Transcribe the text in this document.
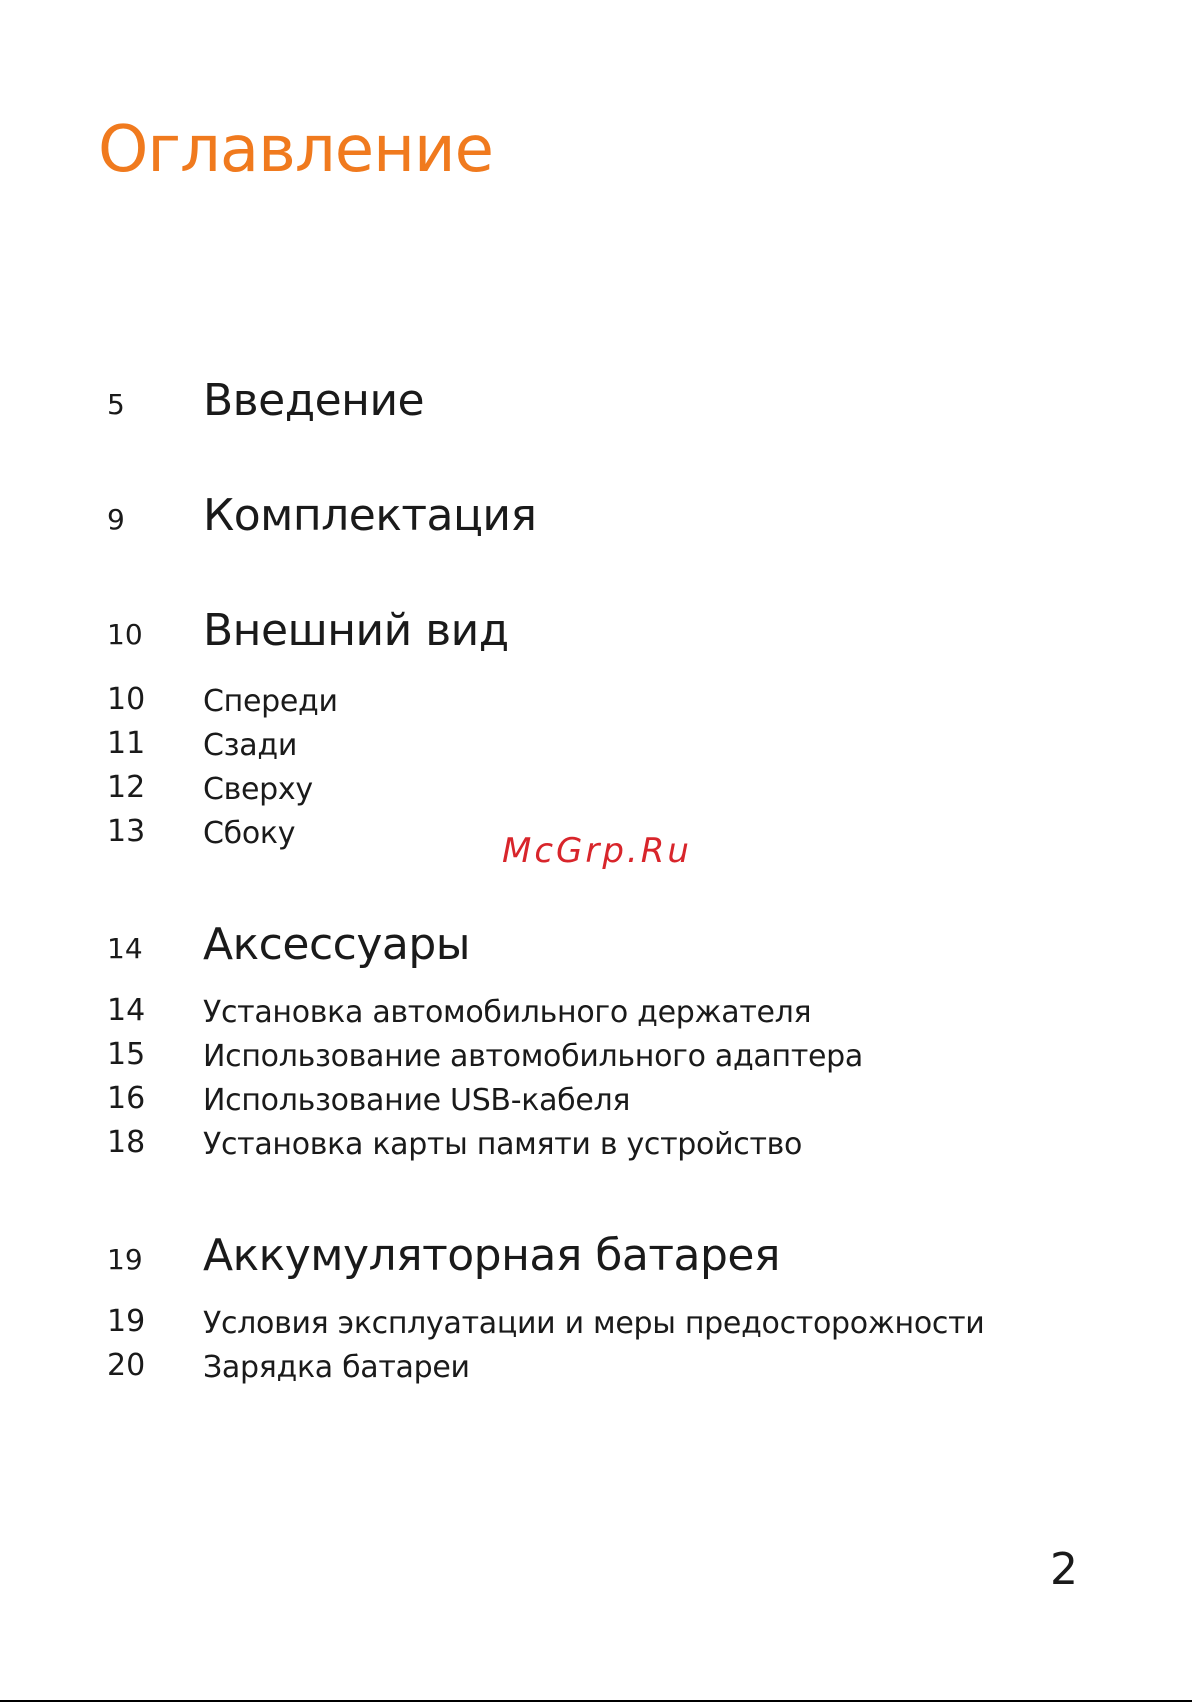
Оглавление
5 Введение
9 Комплектация
10 Внешний вид
10 Спереди
11 Сзади
12 Сверху
13 Сбоку
14 Аксессуары
14 Установка автомобильного держателя
15 Использование автомобильного адаптера
16 Использование USB-кабеля
18 Установка карты памяти в устройство
19 Аккумуляторная батарея
19 Условия эксплуатации и меры предосторожности
20 Зарядка батареи
McGrp.Ru
2
